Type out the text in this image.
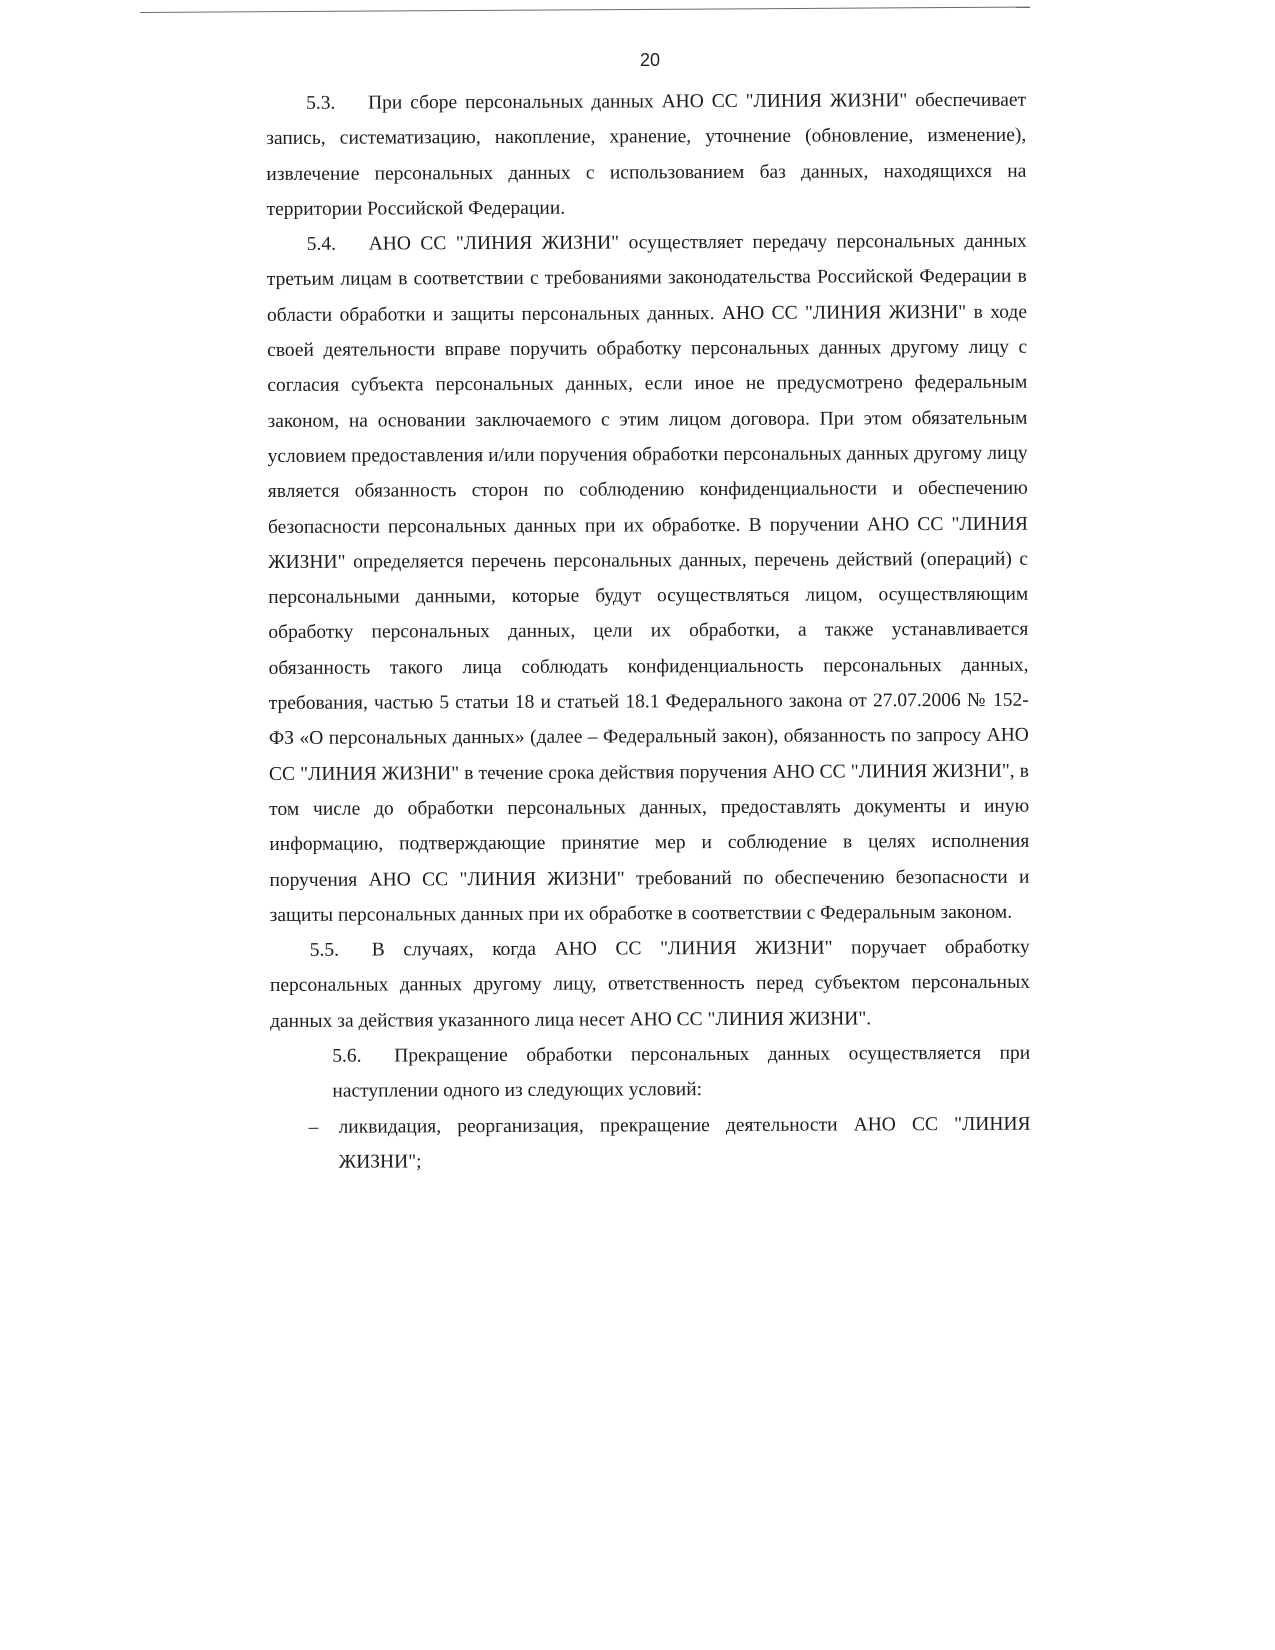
20

5.3. При сборе персональных данных АНО СС "ЛИНИЯ ЖИЗНИ" обеспечивает запись, систематизацию, накопление, хранение, уточнение (обновление, изменение), извлечение персональных данных с использованием баз данных, находящихся на территории Российской Федерации.

5.4. АНО СС "ЛИНИЯ ЖИЗНИ" осуществляет передачу персональных данных третьим лицам в соответствии с требованиями законодательства Российской Федерации в области обработки и защиты персональных данных. АНО СС "ЛИНИЯ ЖИЗНИ" в ходе своей деятельности вправе поручить обработку персональных данных другому лицу с согласия субъекта персональных данных, если иное не предусмотрено федеральным законом, на основании заключаемого с этим лицом договора. При этом обязательным условием предоставления и/или поручения обработки персональных данных другому лицу является обязанность сторон по соблюдению конфиденциальности и обеспечению безопасности персональных данных при их обработке. В поручении АНО СС "ЛИНИЯ ЖИЗНИ" определяется перечень персональных данных, перечень действий (операций) с персональными данными, которые будут осуществляться лицом, осуществляющим обработку персональных данных, цели их обработки, а также устанавливается обязанность такого лица соблюдать конфиденциальность персональных данных, требования, частью 5 статьи 18 и статьей 18.1 Федерального закона от 27.07.2006 № 152-ФЗ «О персональных данных» (далее – Федеральный закон), обязанность по запросу АНО СС "ЛИНИЯ ЖИЗНИ" в течение срока действия поручения АНО СС "ЛИНИЯ ЖИЗНИ", в том числе до обработки персональных данных, предоставлять документы и иную информацию, подтверждающие принятие мер и соблюдение в целях исполнения поручения АНО СС "ЛИНИЯ ЖИЗНИ" требований по обеспечению безопасности и защиты персональных данных при их обработке в соответствии с Федеральным законом.

5.5. В случаях, когда АНО СС "ЛИНИЯ ЖИЗНИ" поручает обработку персональных данных другому лицу, ответственность перед субъектом персональных данных за действия указанного лица несет АНО СС "ЛИНИЯ ЖИЗНИ".

5.6. Прекращение обработки персональных данных осуществляется при наступлении одного из следующих условий:

– ликвидация, реорганизация, прекращение деятельности АНО СС "ЛИНИЯ ЖИЗНИ";
